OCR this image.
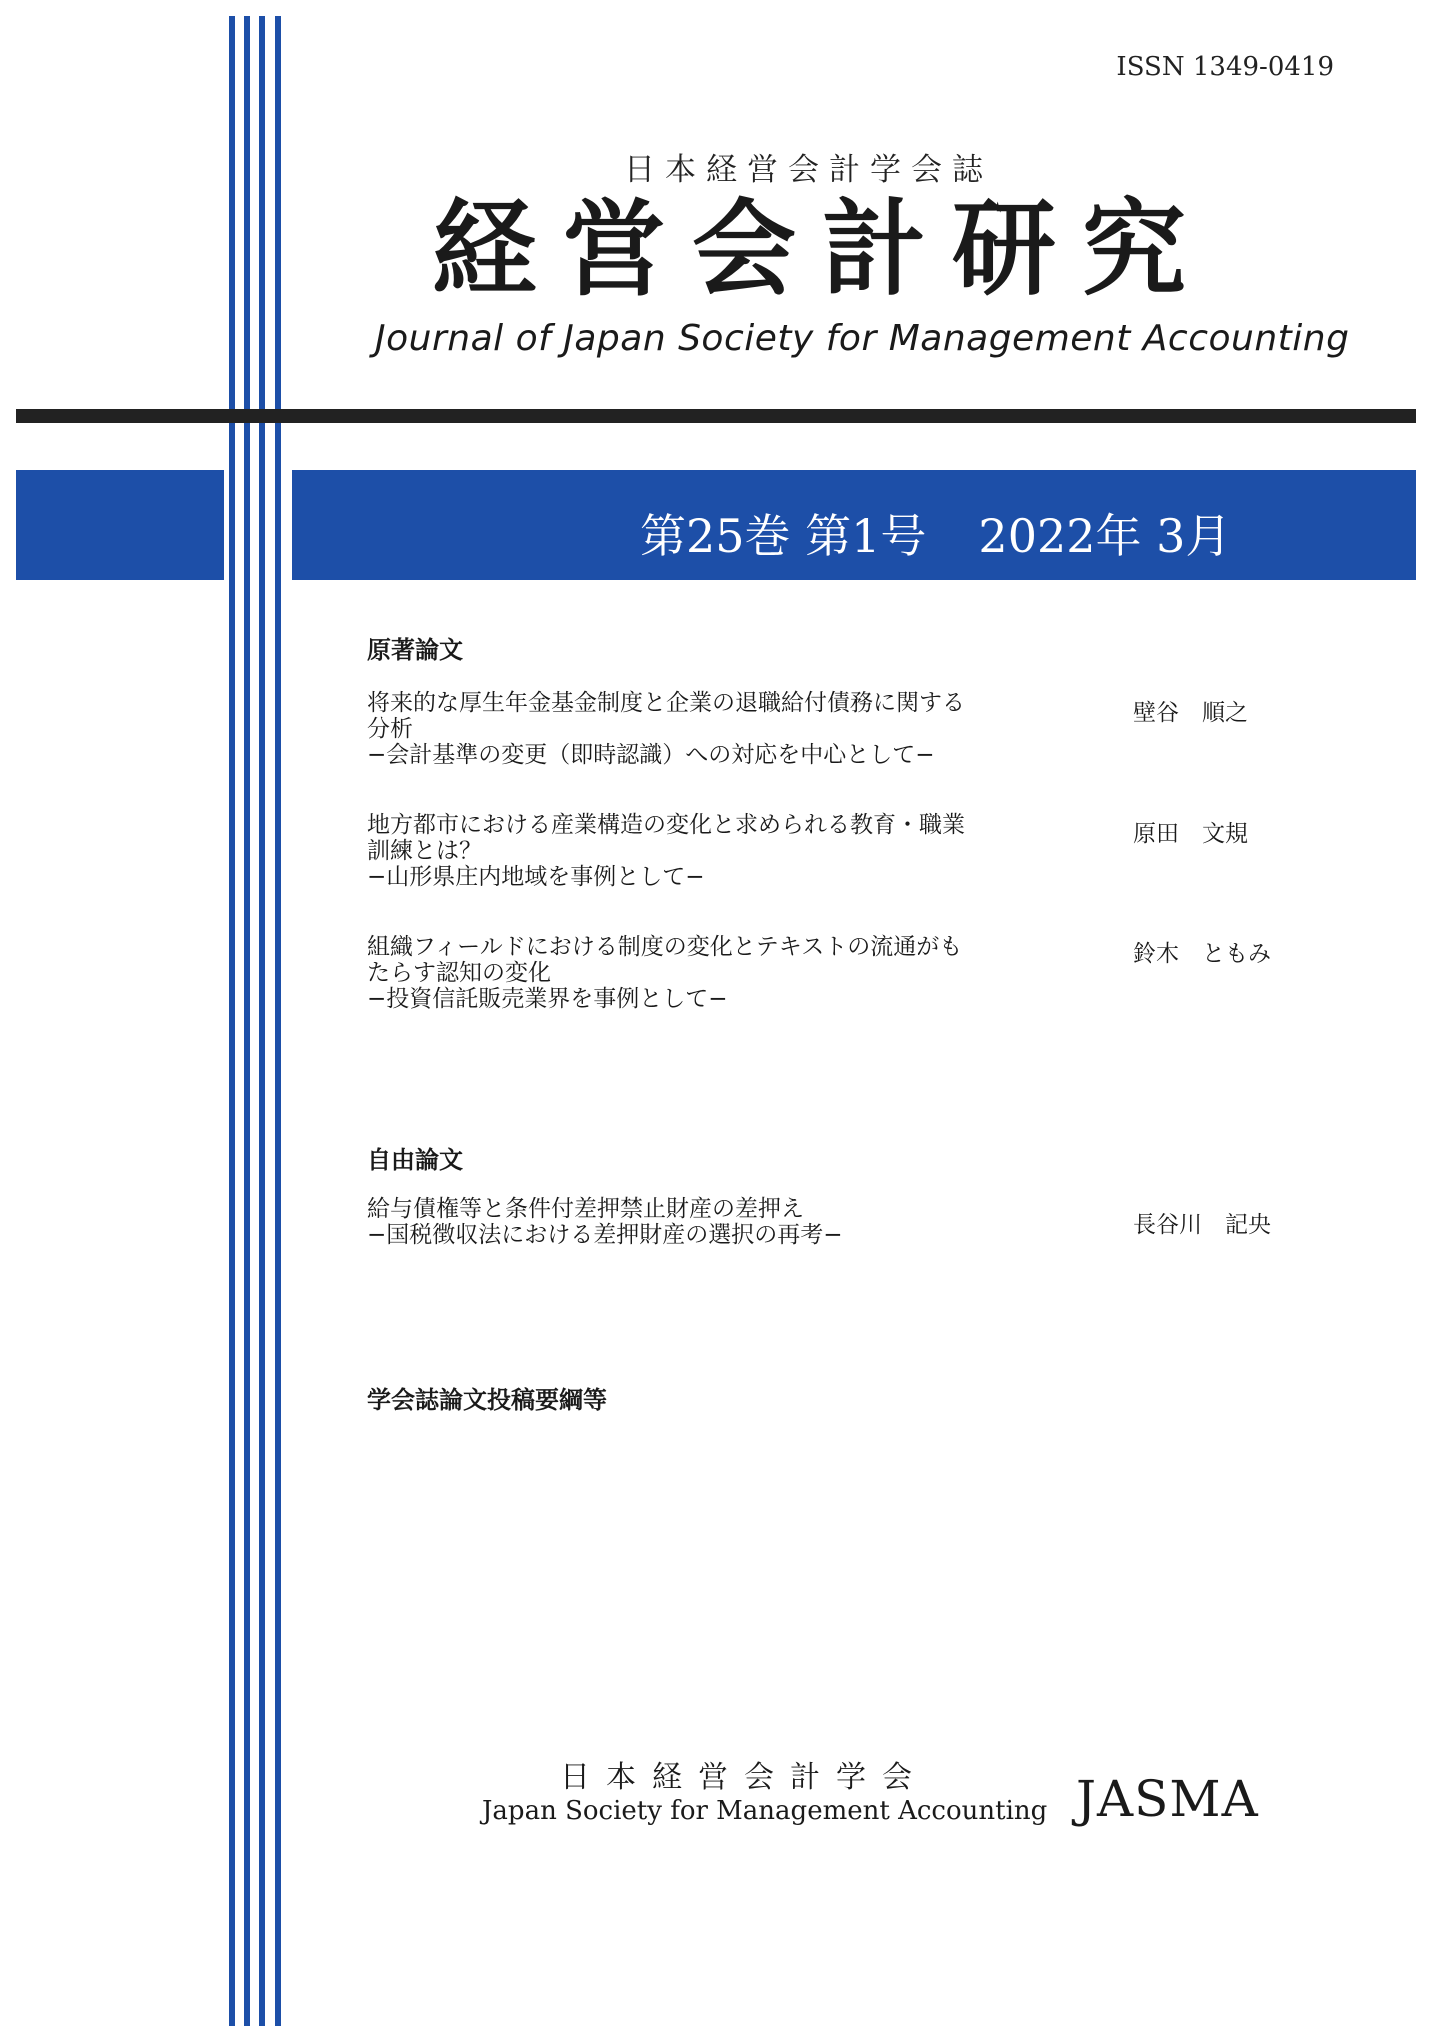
ISSN 1349-0419
日本経営会計学会誌
経営会計研究
Journal of Japan Society for Management Accounting
第25巻 第1号 2022年 3月
原著論文
将来的な厚生年金基金制度と企業の退職給付債務に関する
分析
−会計基準の変更（即時認識）への対応を中心として−
壁谷　順之
地方都市における産業構造の変化と求められる教育・職業
訓練とは？
−山形県庄内地域を事例として−
原田　文規
組織フィールドにおける制度の変化とテキストの流通がも
たらす認知の変化
−投資信託販売業界を事例として−
鈴木　ともみ
自由論文
給与債権等と条件付差押禁止財産の差押え
−国税徴収法における差押財産の選択の再考−	長谷川　記央
学会誌論文投稿要綱等
日本経営会計学会
Japan Society for Management Accounting JASMA
